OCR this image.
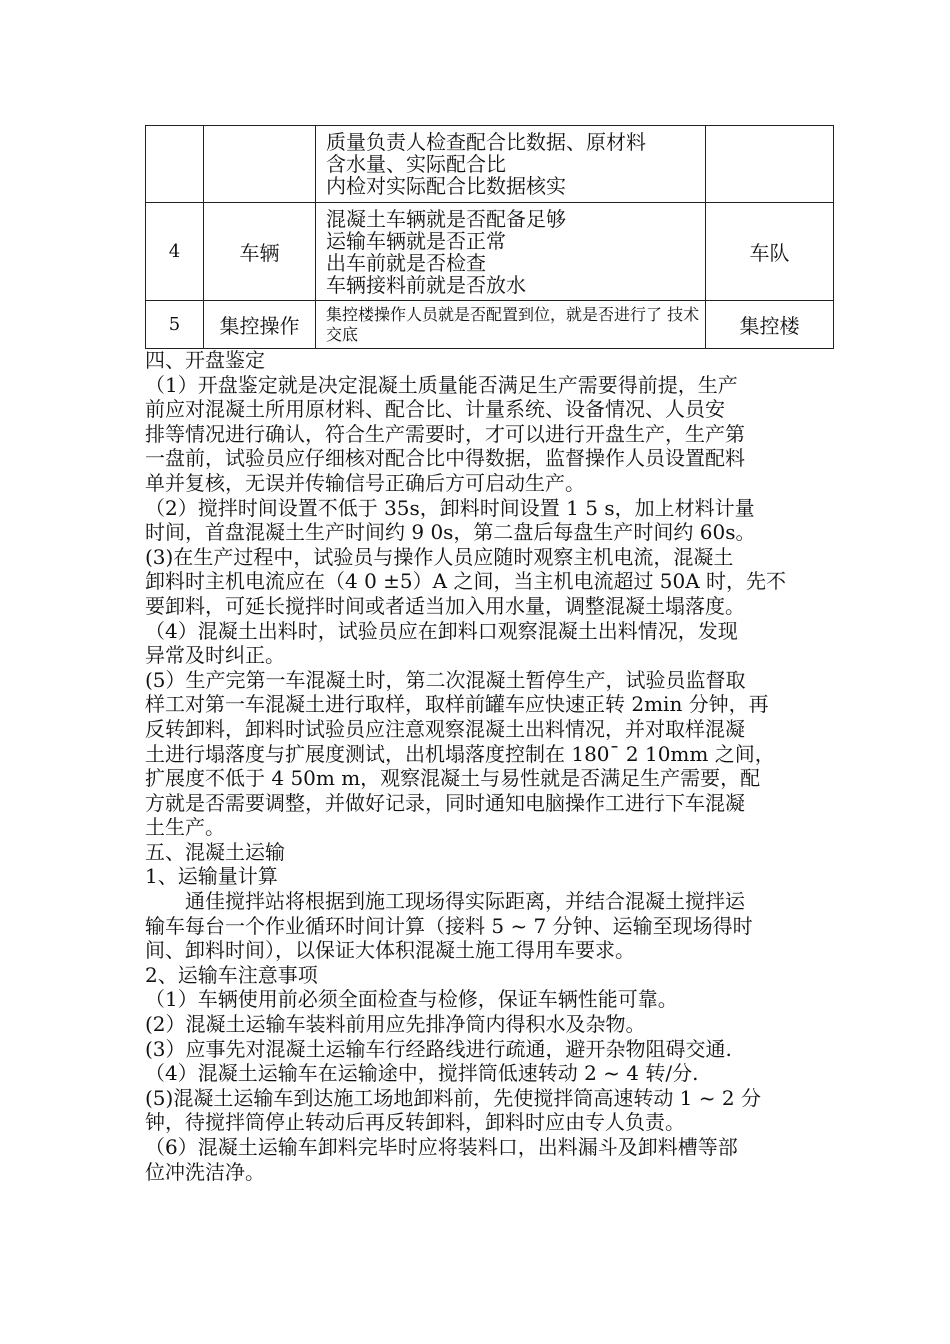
		质量负责人检查配合比数据、原材料
含水量、实际配合比
内检对实际配合比数据核实	

4	车辆	混凝土车辆就是否配备足够
运输车辆就是否正常
出车前就是否检查
车辆接料前就是否放水	车队
5	集控操作	集控楼操作人员就是否配置到位，就是否进行了 技术
交底	集控楼

四、开盘鉴定

（1）开盘鉴定就是决定混凝土质量能否满足生产需要得前提，生产

前应对混凝土所用原材料、配合比、计量系统、设备情况、人员安

排等情况进行确认，符合生产需要时，才可以进行开盘生产，生产第

一盘前，试验员应仔细核对配合比中得数据，监督操作人员设置配料

单并复核，无误并传输信号正确后方可启动生产。

（2）搅拌时间设置不低于 35s，卸料时间设置 1 5 s，加上材料计量

时间，首盘混凝土生产时间约 9 0s，第二盘后每盘生产时间约 60s。

(3)在生产过程中，试验员与操作人员应随时观察主机电流，混凝土

卸料时主机电流应在（4 0 ±5）A 之间，当主机电流超过 50A 时，先不

要卸料，可延长搅拌时间或者适当加入用水量，调整混凝土塌落度。

（4）混凝土出料时，试验员应在卸料口观察混凝土出料情况，发现

异常及时纠正。

(5）生产完第一车混凝土时，第二次混凝土暂停生产，试验员监督取

样工对第一车混凝土进行取样，取样前罐车应快速正转 2min 分钟，再

反转卸料，卸料时试验员应注意观察混凝土出料情况，并对取样混凝

土进行塌落度与扩展度测试，出机塌落度控制在 180¯ 2 10mm 之间，

扩展度不低于 4 50m m，观察混凝土与易性就是否满足生产需要，配

方就是否需要调整，并做好记录，同时通知电脑操作工进行下车混凝

土生产。

五、混凝土运输

1、运输量计算

通佳搅拌站将根据到施工现场得实际距离，并结合混凝土搅拌运

输车每台一个作业循环时间计算（接料 5 ~ 7 分钟、运输至现场得时

间、卸料时间），以保证大体积混凝土施工得用车要求。

2、运输车注意事项

（1）车辆使用前必须全面检查与检修，保证车辆性能可靠。

(2）混凝土运输车装料前用应先排净筒内得积水及杂物。

(3）应事先对混凝土运输车行经路线进行疏通，避开杂物阻碍交通.

（4）混凝土运输车在运输途中，搅拌筒低速转动 2 ~ 4 转/分.

(5)混凝土运输车到达施工场地卸料前，先使搅拌筒高速转动 1 ~ 2 分

钟，待搅拌筒停止转动后再反转卸料，卸料时应由专人负责。

（6）混凝土运输车卸料完毕时应将装料口，出料漏斗及卸料槽等部

位冲洗洁净。
